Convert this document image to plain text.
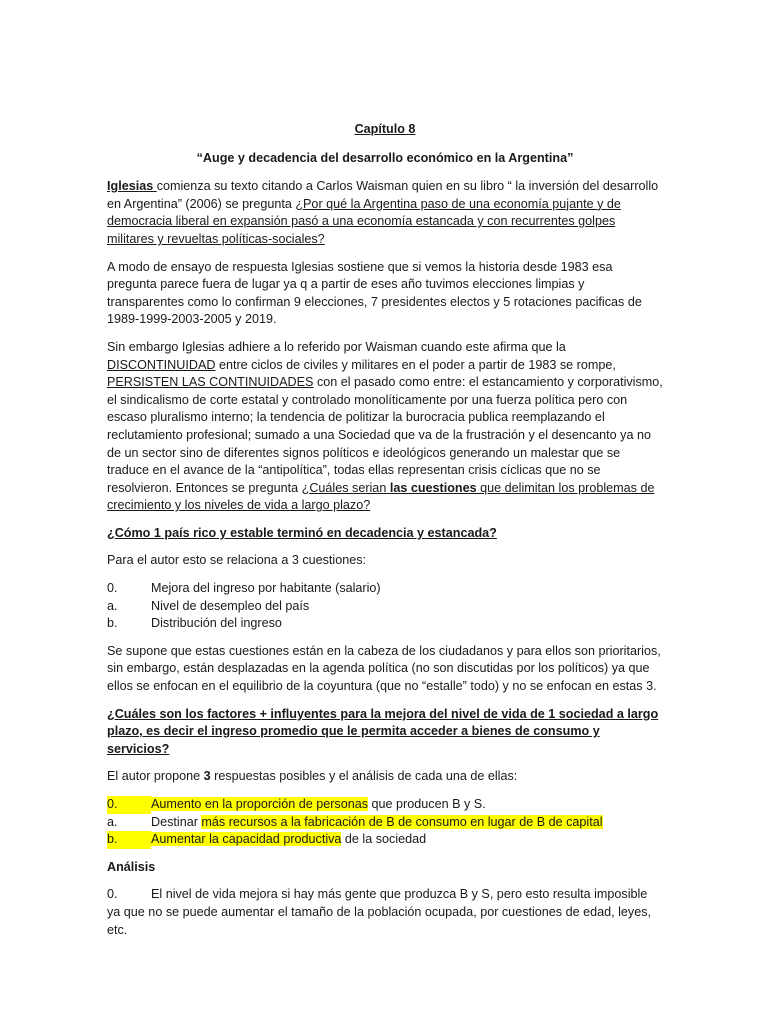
Capítulo 8

“Auge y decadencia del desarrollo económico en la Argentina”

Iglesias comienza su texto citando a Carlos Waisman quien en su libro “ la inversión del desarrollo en Argentina” (2006) se pregunta ¿Por qué la Argentina paso de una economía pujante y de democracia liberal en expansión pasó a una economía estancada y con recurrentes golpes militares y revueltas políticas-sociales?

A modo de ensayo de respuesta Iglesias sostiene que si vemos la historia desde 1983 esa pregunta parece fuera de lugar ya q a partir de eses año tuvimos elecciones limpias y transparentes como lo confirman 9 elecciones, 7 presidentes electos y 5 rotaciones pacificas de 1989-1999-2003-2005 y 2019.

Sin embargo Iglesias adhiere a lo referido por Waisman cuando este afirma que la DISCONTINUIDAD entre ciclos de civiles y militares en el poder a partir de 1983 se rompe, PERSISTEN LAS CONTINUIDADES con el pasado como entre: el estancamiento y corporativismo, el sindicalismo de corte estatal y controlado monolíticamente por una fuerza política pero con escaso pluralismo interno; la tendencia de politizar la burocracia publica reemplazando el reclutamiento profesional; sumado a una Sociedad que va de la frustración y el desencanto ya no de un sector sino de diferentes signos políticos e ideológicos generando un malestar que se traduce en el avance de la “antipolítica”, todas ellas representan crisis cíclicas que no se resolvieron. Entonces se pregunta ¿Cuáles serian las cuestiones que delimitan los problemas de crecimiento y los niveles de vida a largo plazo?

¿Cómo 1 país rico y estable terminó en decadencia y estancada?

Para el autor esto se relaciona a 3 cuestiones:

0.	Mejora del ingreso por habitante (salario)
a.	Nivel de desempleo del país
b.	Distribución del ingreso

Se supone que estas cuestiones están en la cabeza de los ciudadanos y para ellos son prioritarios, sin embargo, están desplazadas en la agenda política (no son discutidas por los políticos) ya que ellos se enfocan en el equilibrio de la coyuntura (que no “estalle” todo) y no se enfocan en estas 3.

¿Cuáles son los factores + influyentes para la mejora del nivel de vida de 1 sociedad a largo plazo, es decir el ingreso promedio que le permita acceder a bienes de consumo y servicios?

El autor propone 3 respuestas posibles y el análisis de cada una de ellas:

0.	Aumento en la proporción de personas que producen B y S.
a.	Destinar más recursos a la fabricación de B de consumo en lugar de B de capital
b.	Aumentar la capacidad productiva de la sociedad

Análisis

0.	El nivel de vida mejora si hay más gente que produzca B y S, pero esto resulta imposible ya que no se puede aumentar el tamaño de la población ocupada, por cuestiones de edad, leyes, etc.
